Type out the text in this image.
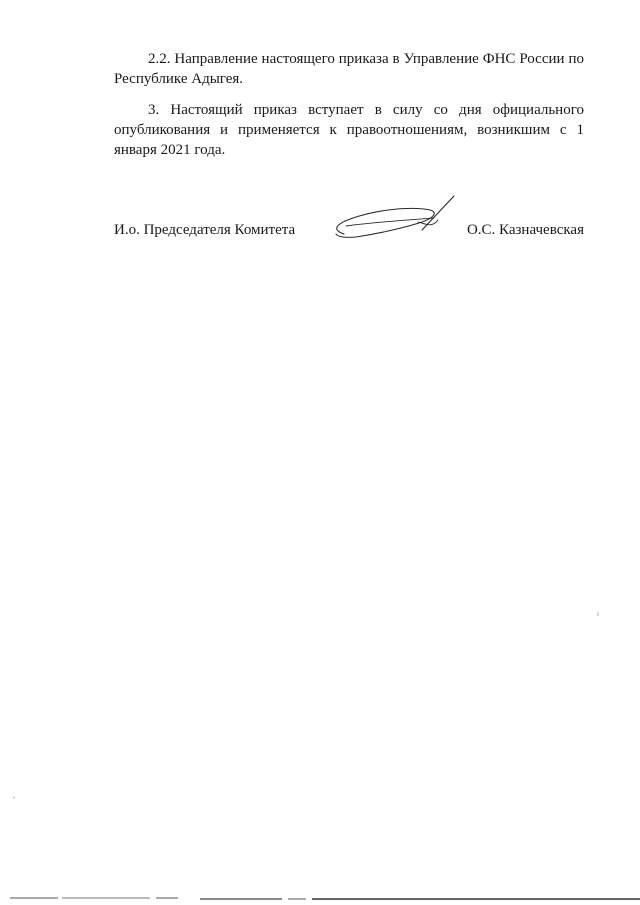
2.2. Направление настоящего приказа в Управление ФНС России по Республике Адыгея.

3. Настоящий приказ вступает в силу со дня официального опубликования и применяется к правоотношениям, возникшим с 1 января 2021 года.

И.о. Председателя Комитета	О.С. Казначевская
